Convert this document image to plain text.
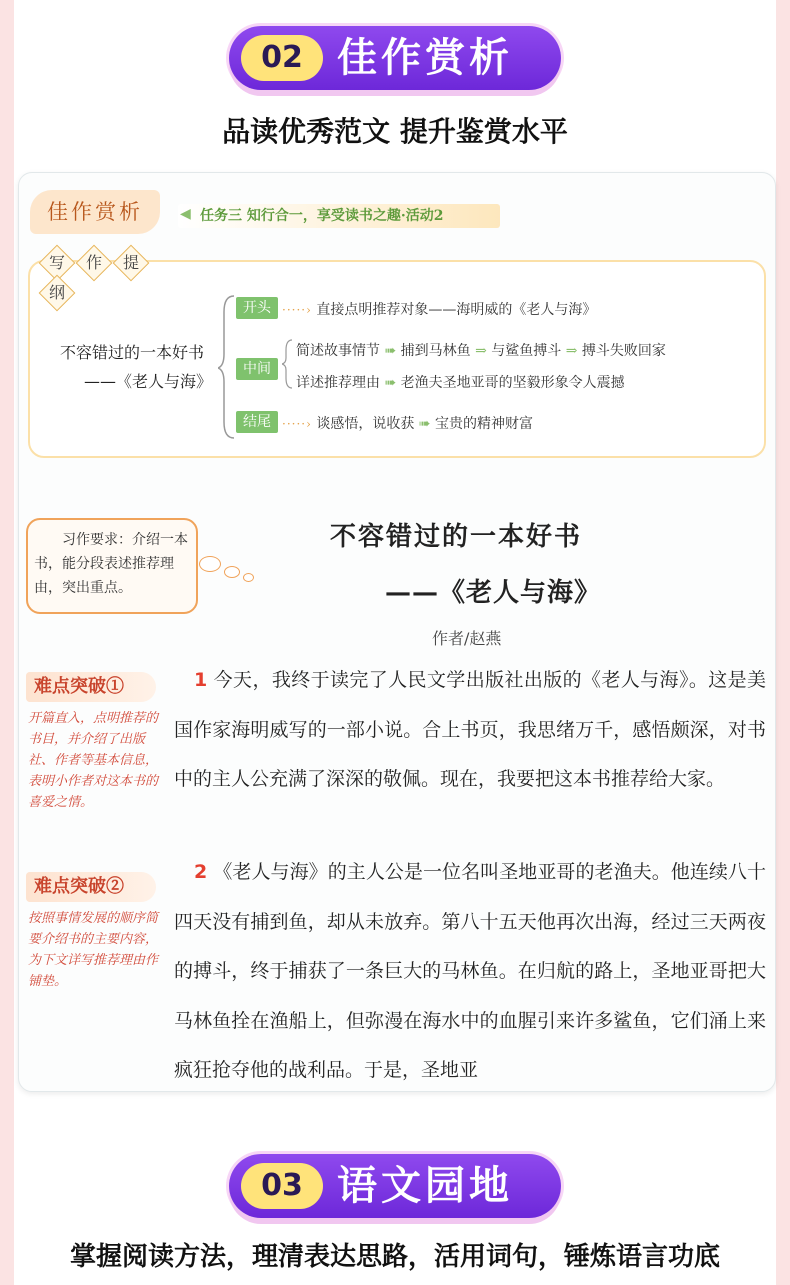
02 佳作赏析
品读优秀范文 提升鉴赏水平
佳作赏析	◀ 任务三 知行合一，享受读书之趣·活动2
写
作
提

纲
不容错过的一本好书
——《老人与海》
开头 ·····› 直接点明推荐对象——海明威的《老人与海》
中间
简述故事情节 ➠ 捕到马林鱼 ⇒ 与鲨鱼搏斗 ⇒ 搏斗失败回家
详述推荐理由 ➠ 老渔夫圣地亚哥的坚毅形象令人震撼
结尾 ·····› 谈感悟，说收获 ➠ 宝贵的精神财富
习作要求：介绍一本书，能分段表述推荐理由，突出重点。
不容错过的一本好书
——《老人与海》
作者/赵燕
难点突破①
开篇直入，点明推荐的书目，并介绍了出版社、作者等基本信息，表明小作者对这本书的喜爱之情。
难点突破②
按照事情发展的顺序简要介绍书的主要内容，为下文详写推荐理由作铺垫。
1 今天，我终于读完了人民文学出版社出版的《老人与海》。这是美国作家海明威写的一部小说。合上书页，我思绪万千，感悟颇深，对书中的主人公充满了深深的敬佩。现在，我要把这本书推荐给大家。
2 《老人与海》的主人公是一位名叫圣地亚哥的老渔夫。他连续八十四天没有捕到鱼，却从未放弃。第八十五天他再次出海，经过三天两夜的搏斗，终于捕获了一条巨大的马林鱼。在归航的路上，圣地亚哥把大马林鱼拴在渔船上，但弥漫在海水中的血腥引来许多鲨鱼，它们涌上来疯狂抢夺他的战利品。于是，圣地亚
03 语文园地
掌握阅读方法，理清表达思路，活用词句，锤炼语言功底
